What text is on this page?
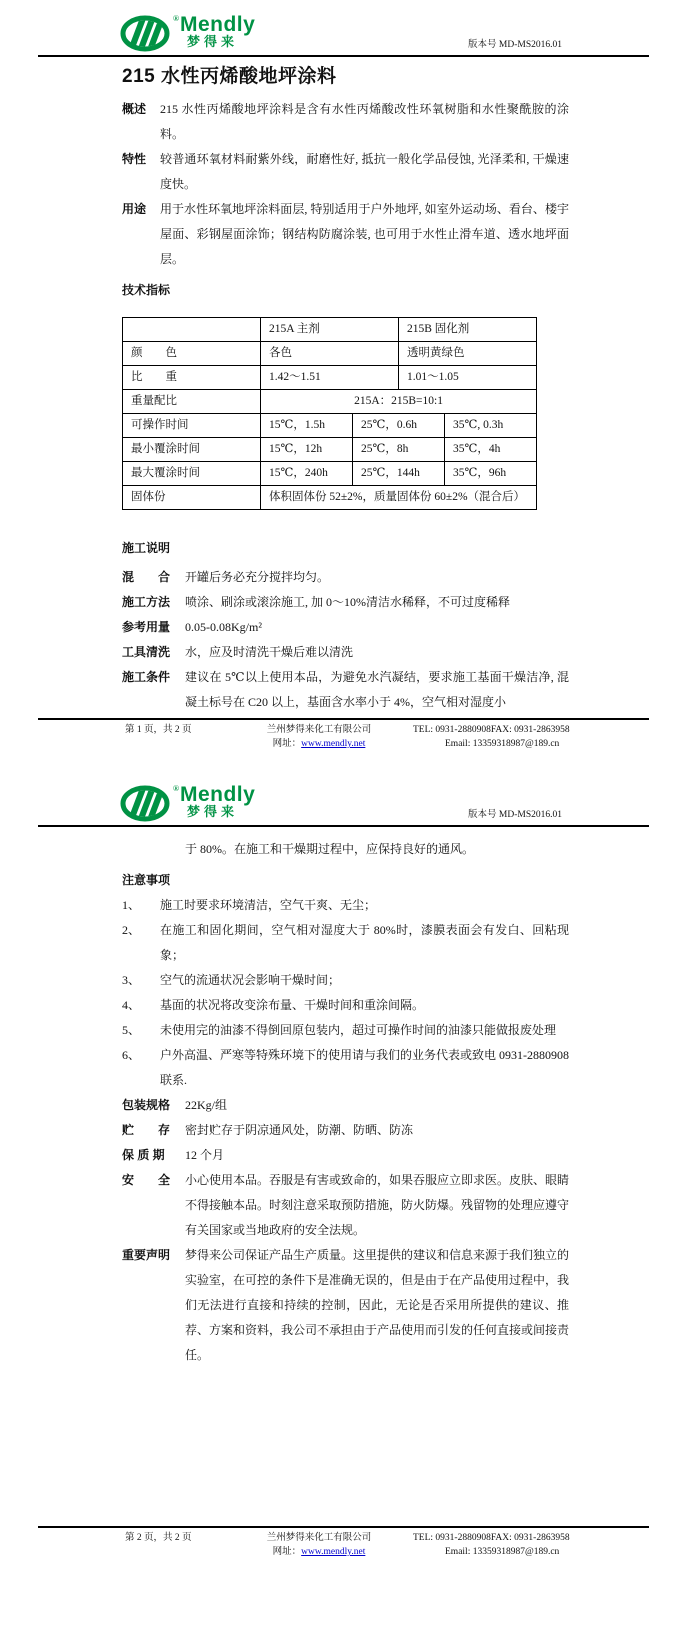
® Mendly
梦得来	版本号 MD-MS2016.01
215 水性丙烯酸地坪涂料
概述	215 水性丙烯酸地坪涂料是含有水性丙烯酸改性环氧树脂和水性聚酰胺的涂料。
特性	较普通环氧材料耐紫外线，耐磨性好, 抵抗一般化学品侵蚀, 光泽柔和, 干燥速度快。
用途	用于水性环氧地坪涂料面层, 特别适用于户外地坪, 如室外运动场、看台、楼宇屋面、彩钢屋面涂饰；钢结构防腐涂装, 也可用于水性止滑车道、透水地坪面层。
技术指标
	215A 主剂		215B 固化剂	
颜　　色	各色		透明黄绿色	
比　　重	1.42～1.51		1.01～1.05	
重量配比	215A：215B=10:1			
可操作时间	15℃，1.5h	25℃，0.6h		35℃, 0.3h
最小覆涂时间	15℃，12h	25℃，8h		35℃，4h
最大覆涂时间	15℃，240h	25℃，144h		35℃，96h
固体份	体积固体份 52±2%，质量固体份 60±2%（混合后）			
施工说明
混　　合	开罐后务必充分搅拌均匀。
施工方法	喷涂、刷涂或滚涂施工, 加 0～10%清洁水稀释，不可过度稀释
参考用量	0.05-0.08Kg/m²
工具清洗	水，应及时清洗干燥后难以清洗
施工条件	建议在 5℃以上使用本品，为避免水汽凝结，要求施工基面干燥洁净, 混凝土标号在 C20 以上，基面含水率小于 4%，空气相对湿度小
第 1 页，共 2 页	兰州梦得来化工有限公司	TEL: 0931-2880908 FAX: 0931-2863958
网址：www.mendly.net	Email: 13359318987@189.cn
® Mendly
梦得来	版本号 MD-MS2016.01
于 80%。在施工和干燥期过程中，应保持良好的通风。
注意事项
1、	施工时要求环境清洁，空气干爽、无尘；
2、	在施工和固化期间，空气相对湿度大于 80%时，漆膜表面会有发白、回粘现象；
3、	空气的流通状况会影响干燥时间；
4、	基面的状况将改变涂布量、干燥时间和重涂间隔。
5、	未使用完的油漆不得倒回原包装内，超过可操作时间的油漆只能做报废处理
6、	户外高温、严寒等特殊环境下的使用请与我们的业务代表或致电 0931-2880908 联系.
包装规格	22Kg/组
贮　　存	密封贮存于阴凉通风处，防潮、防晒、防冻
保 质 期	12 个月
安　　全	小心使用本品。吞服是有害或致命的，如果吞服应立即求医。皮肤、眼睛不得接触本品。时刻注意采取预防措施，防火防爆。残留物的处理应遵守有关国家或当地政府的安全法规。
重要声明	梦得来公司保证产品生产质量。这里提供的建议和信息来源于我们独立的实验室，在可控的条件下是准确无误的，但是由于在产品使用过程中，我们无法进行直接和持续的控制，因此，无论是否采用所提供的建议、推荐、方案和资料，我公司不承担由于产品使用而引发的任何直接或间接责任。
第 2 页，共 2 页	兰州梦得来化工有限公司	TEL: 0931-2880908 FAX: 0931-2863958
网址：www.mendly.net	Email: 13359318987@189.cn
